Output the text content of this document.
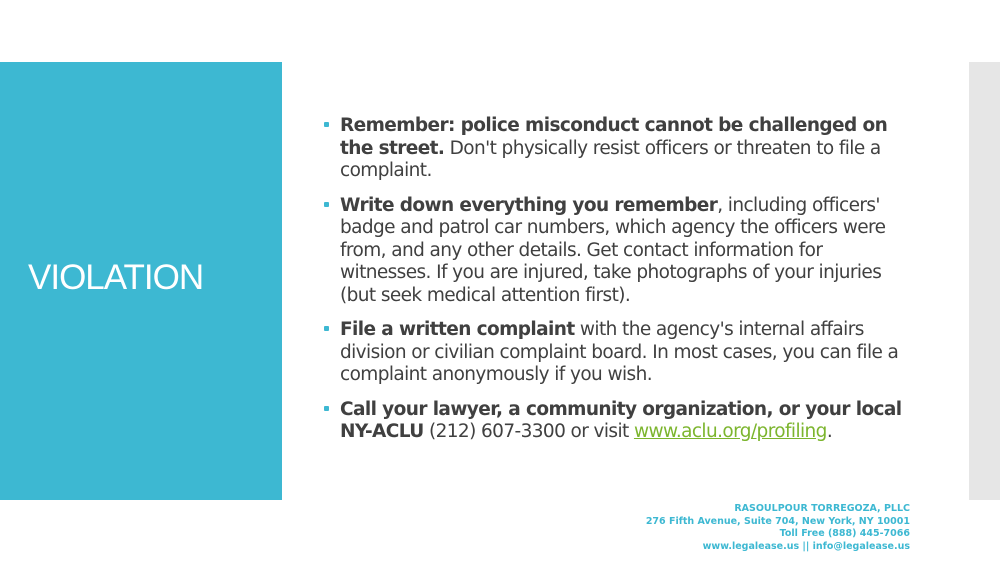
VIOLATION
Remember: police misconduct cannot be challenged on the street. Don't physically resist officers or threaten to file a complaint.
Write down everything you remember, including officers' badge and patrol car numbers, which agency the officers were from, and any other details. Get contact information for witnesses. If you are injured, take photographs of your injuries (but seek medical attention first).
File a written complaint with the agency's internal affairs division or civilian complaint board. In most cases, you can file a complaint anonymously if you wish.
Call your lawyer, a community organization, or your local NY-ACLU (212) 607-3300 or visit www.aclu.org/profiling.
RASOULPOUR TORREGOZA, PLLC
276 Fifth Avenue, Suite 704, New York, NY 10001
Toll Free (888) 445-7066
www.legalease.us || info@legalease.us
